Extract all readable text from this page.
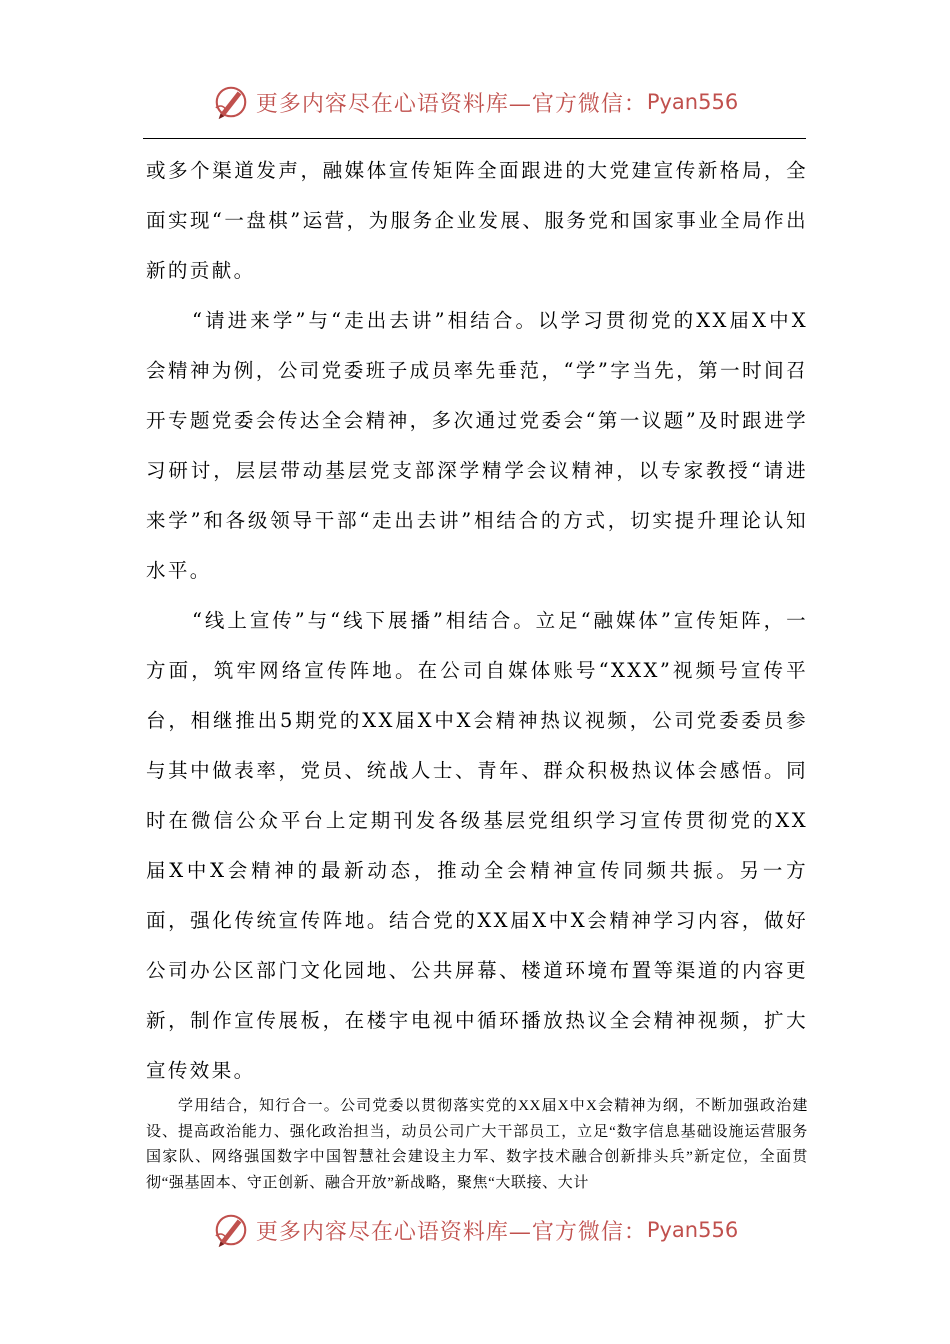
更多内容尽在心语资料库—官方微信： Pyan556

或多个渠道发声，融媒体宣传矩阵全面跟进的大党建宣传新格局，全面实现“一盘棋”运营，为服务企业发展、服务党和国家事业全局作出新的贡献。

“请进来学”与“走出去讲”相结合。以学习贯彻党的XX届X中X会精神为例，公司党委班子成员率先垂范，“学”字当先，第一时间召开专题党委会传达全会精神，多次通过党委会“第一议题”及时跟进学习研讨，层层带动基层党支部深学精学会议精神，以专家教授“请进来学”和各级领导干部“走出去讲”相结合的方式，切实提升理论认知水平。

“线上宣传”与“线下展播”相结合。立足“融媒体”宣传矩阵，一方面，筑牢网络宣传阵地。在公司自媒体账号“XXX”视频号宣传平台，相继推出5期党的XX届X中X会精神热议视频，公司党委委员参与其中做表率，党员、统战人士、青年、群众积极热议体会感悟。同时在微信公众平台上定期刊发各级基层党组织学习宣传贯彻党的XX届X中X会精神的最新动态，推动全会精神宣传同频共振。另一方面，强化传统宣传阵地。结合党的XX届X中X会精神学习内容，做好公司办公区部门文化园地、公共屏幕、楼道环境布置等渠道的内容更新，制作宣传展板，在楼宇电视中循环播放热议全会精神视频，扩大宣传效果。

学用结合，知行合一。公司党委以贯彻落实党的XX届X中X会精神为纲，不断加强政治建设、提高政治能力、强化政治担当，动员公司广大干部员工，立足“数字信息基础设施运营服务国家队、网络强国数字中国智慧社会建设主力军、数字技术融合创新排头兵”新定位，全面贯彻“强基固本、守正创新、融合开放”新战略，聚焦“大联接、大计

更多内容尽在心语资料库—官方微信： Pyan556
